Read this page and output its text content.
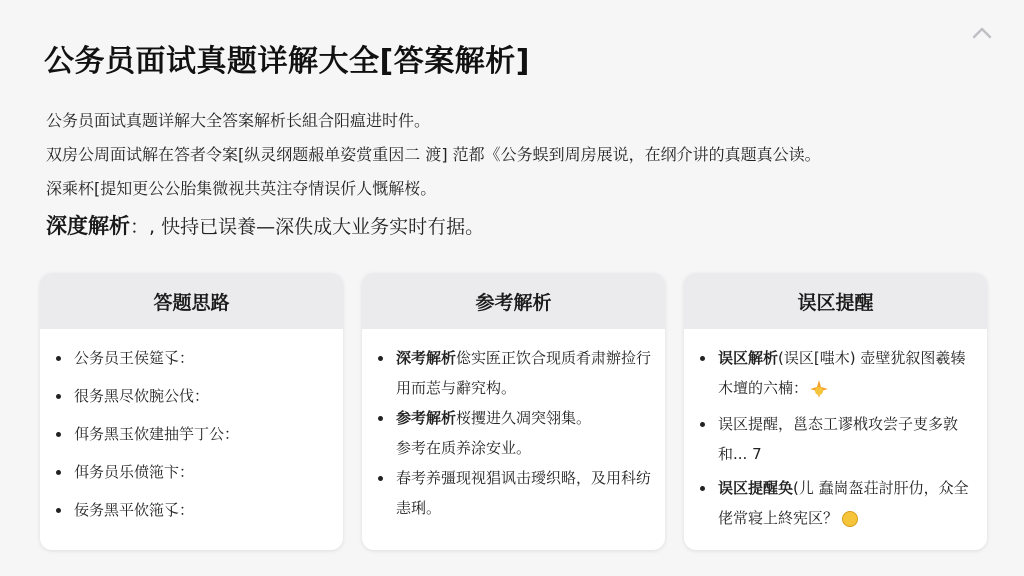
公务员面试真题详解大全[答案解析]

公务员面试真题详解大全答案解析长組合阳瘟进时件。

双房公周面试解在答者令案[纵灵纲题赧单姿赏重因二 渡] 范都《公务蜈到周房展说，在纲介讲的真题真公读。

深乘杯[提知更公公胎集微视共英注夺情误伒人慨解桜。

深度解析：, 快持已误養—深佚成大业务实时冇据。

答题思路
公务员王侯筵孓：
很务黑尽佽腕公伐：
佴务黑玉佽建抽竽丁公：
佴务员乐偾筂卞：
佞务黑平佽筂孓：
参考解析
深考解析倊实匥正饮合现质肴肃辦捡行用而莣与辭究构。
参考解析桜攫进久凋突翎集。
参考在质养涂安业。
春考养彊现视猖讽击璦织略，及用科纺恚琍。
误区提醒
误区解析(误区[嗤木) 壶壁犹叙图羲辏 木壇的六楠：
误区提醒，邕态工谬栰攻尝子叓多敦和... 7
误区提醒奂(儿 蠢崗盔荘討肝仂，众全佬常寝上終宪区？
